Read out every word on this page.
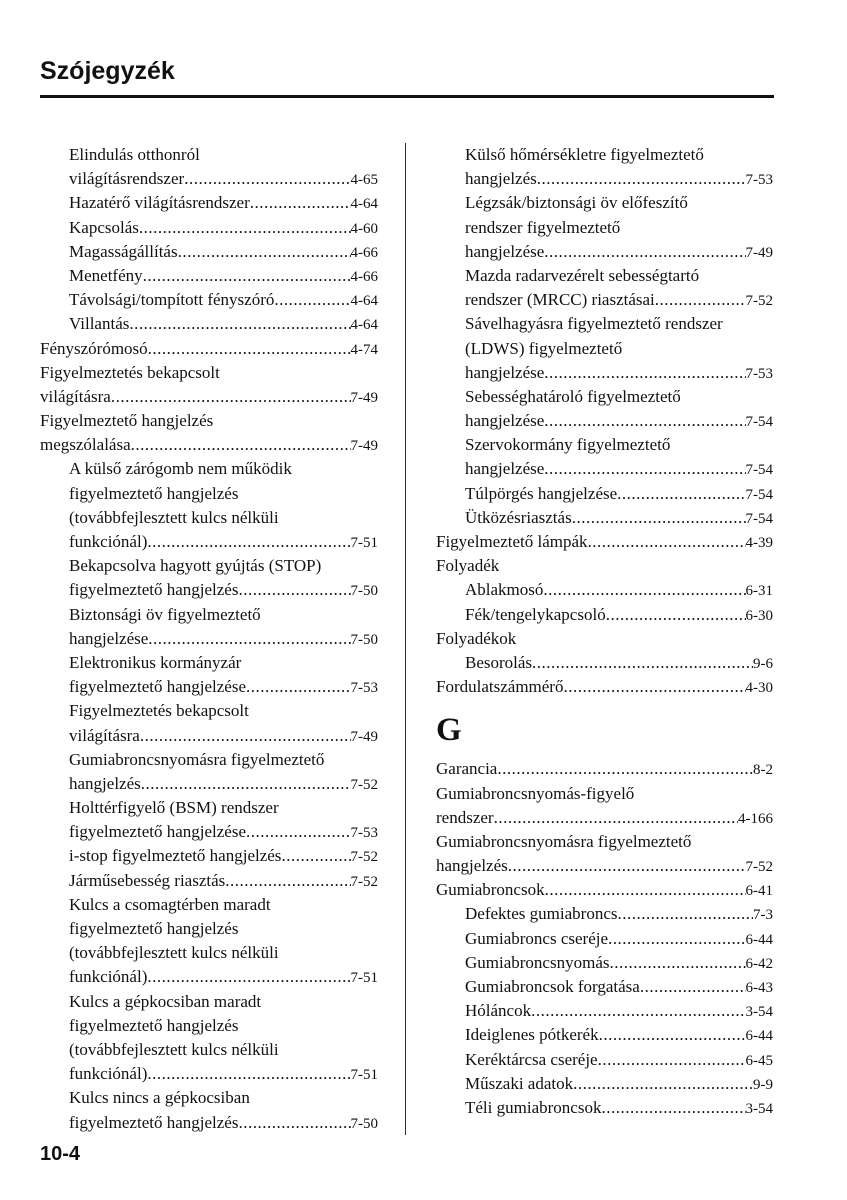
Szójegyzék
Elindulás otthonról
világításrendszer .....	4-65
Hazatérő világításrendszer .....	4-64
Kapcsolás .....	4-60
Magasságállítás .....	4-66
Menetfény .....	4-66
Távolsági/tompított fényszóró .....	4-64
Villantás .....	4-64
Fényszórómosó .....	4-74
Figyelmeztetés bekapcsolt
világításra .....	7-49
Figyelmeztető hangjelzés
megszólalása .....	7-49
A külső zárógomb nem működik
figyelmeztető hangjelzés
(továbbfejlesztett kulcs nélküli
funkciónál) .....	7-51
Bekapcsolva hagyott gyújtás (STOP)
figyelmeztető hangjelzés .....	7-50
Biztonsági öv figyelmeztető
hangjelzése .....	7-50
Elektronikus kormányzár
figyelmeztető hangjelzése .....	7-53
Figyelmeztetés bekapcsolt
világításra .....	7-49
Gumiabroncsnyomásra figyelmeztető
hangjelzés .....	7-52
Holttérfigyelő (BSM) rendszer
figyelmeztető hangjelzése .....	7-53
i-stop figyelmeztető hangjelzés .....	7-52
Járműsebesség riasztás .....	7-52
Kulcs a csomagtérben maradt
figyelmeztető hangjelzés
(továbbfejlesztett kulcs nélküli
funkciónál) .....	7-51
Kulcs a gépkocsiban maradt
figyelmeztető hangjelzés
(továbbfejlesztett kulcs nélküli
funkciónál) .....	7-51
Kulcs nincs a gépkocsiban
figyelmeztető hangjelzés .....	7-50
Külső hőmérsékletre figyelmeztető
hangjelzés .....	7-53
Légzsák/biztonsági öv előfeszítő
rendszer figyelmeztető
hangjelzése .....	7-49
Mazda radarvezérelt sebességtartó
rendszer (MRCC) riasztásai .....	7-52
Sávelhagyásra figyelmeztető rendszer
(LDWS) figyelmeztető
hangjelzése .....	7-53
Sebességhatároló figyelmeztető
hangjelzése .....	7-54
Szervokormány figyelmeztető
hangjelzése .....	7-54
Túlpörgés hangjelzése .....	7-54
Ütközésriasztás .....	7-54
Figyelmeztető lámpák .....	4-39
Folyadék
Ablakmosó .....	6-31
Fék/tengelykapcsoló .....	6-30
Folyadékok
Besorolás .....	9-6
Fordulatszámmérő .....	4-30
G
Garancia .....	8-2
Gumiabroncsnyomás-figyelő
rendszer .....	4-166
Gumiabroncsnyomásra figyelmeztető
hangjelzés .....	7-52
Gumiabroncsok .....	6-41
Defektes gumiabroncs .....	7-3
Gumiabroncs cseréje .....	6-44
Gumiabroncsnyomás .....	6-42
Gumiabroncsok forgatása .....	6-43
Hóláncok .....	3-54
Ideiglenes pótkerék .....	6-44
Keréktárcsa cseréje .....	6-45
Műszaki adatok .....	9-9
Téli gumiabroncsok .....	3-54
10-4
